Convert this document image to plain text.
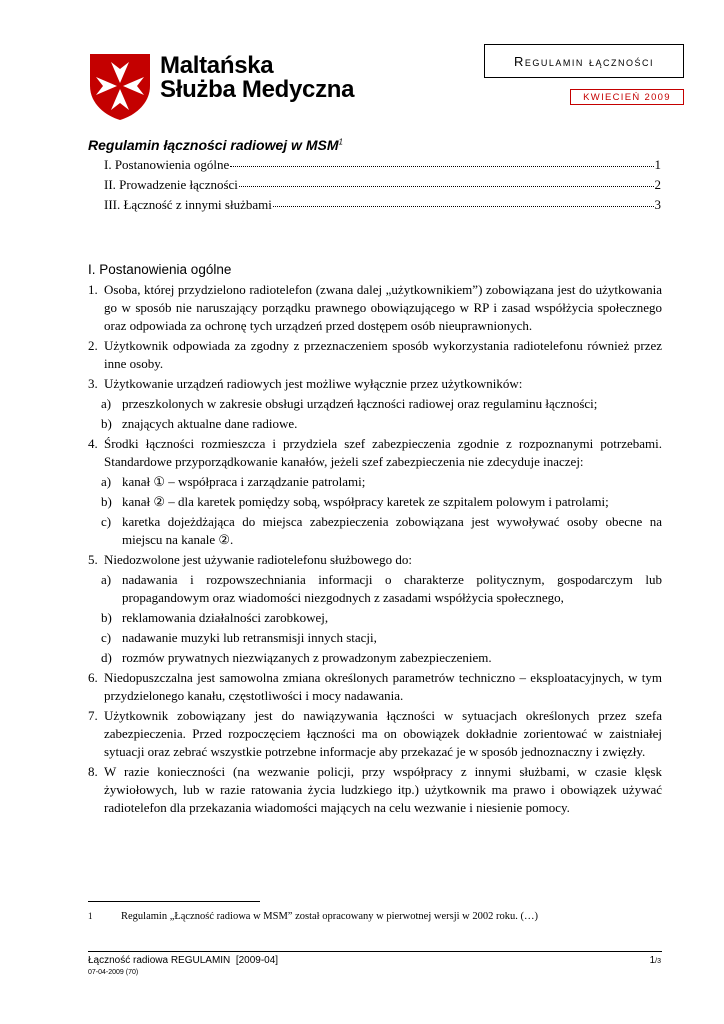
Maltańska
Służba Medyczna
Regulamin łączności
KWIECIEŃ 2009
Regulamin łączności radiowej w MSM$^1$
I. Postanowienia ogólne	1
II. Prowadzenie łączności	2
III. Łączność z innymi służbami	3
I. Postanowienia ogólne
1. Osoba, której przydzielono radiotelefon (zwana dalej „użytkownikiem”) zobowiązana jest do użytkowania go w sposób nie naruszający porządku prawnego obowiązującego w RP i zasad współżycia społecznego oraz odpowiada za ochronę tych urządzeń przed dostępem osób nieuprawnionych.
2. Użytkownik odpowiada za zgodny z przeznaczeniem sposób wykorzystania radiotelefonu również przez inne osoby.
3. Użytkowanie urządzeń radiowych jest możliwe wyłącznie przez użytkowników:
a) przeszkolonych w zakresie obsługi urządzeń łączności radiowej oraz regulaminu łączności;
b) znających aktualne dane radiowe.
4. Środki łączności rozmieszcza i przydziela szef zabezpieczenia zgodnie z rozpoznanymi potrzebami. Standardowe przyporządkowanie kanałów, jeżeli szef zabezpieczenia nie zdecyduje inaczej:
a) kanał ① – współpraca i zarządzanie patrolami;
b) kanał ② – dla karetek pomiędzy sobą, współpracy karetek ze szpitalem polowym i patrolami;
c) karetka dojeżdżająca do miejsca zabezpieczenia zobowiązana jest wywoływać osoby obecne na miejscu na kanale ②.
5. Niedozwolone jest używanie radiotelefonu służbowego do:
a) nadawania i rozpowszechniania informacji o charakterze politycznym, gospodarczym lub propagandowym oraz wiadomości niezgodnych z zasadami współżycia społecznego,
b) reklamowania działalności zarobkowej,
c) nadawanie muzyki lub retransmisji innych stacji,
d) rozmów prywatnych niezwiązanych z prowadzonym zabezpieczeniem.
6. Niedopuszczalna jest samowolna zmiana określonych parametrów techniczno – eksploatacyjnych, w tym przydzielonego kanału, częstotliwości i mocy nadawania.
7. Użytkownik zobowiązany jest do nawiązywania łączności w sytuacjach określonych przez szefa zabezpieczenia. Przed rozpoczęciem łączności ma on obowiązek dokładnie zorientować w zaistniałej sytuacji oraz zebrać wszystkie potrzebne informacje aby przekazać je w sposób jednoznaczny i zwięzły.
8. W razie konieczności (na wezwanie policji, przy współpracy z innymi służbami, w czasie klęsk żywiołowych, lub w razie ratowania życia ludzkiego itp.) użytkownik ma prawo i obowiązek używać radiotelefon dla przekazania wiadomości mających na celu wezwanie i niesienie pomocy.
1	Regulamin „Łączność radiowa w MSM” został opracowany w pierwotnej wersji w 2002 roku. (…)
Łączność radiowa REGULAMIN  [2009-04]
07-04-2009 (70)
1/3
